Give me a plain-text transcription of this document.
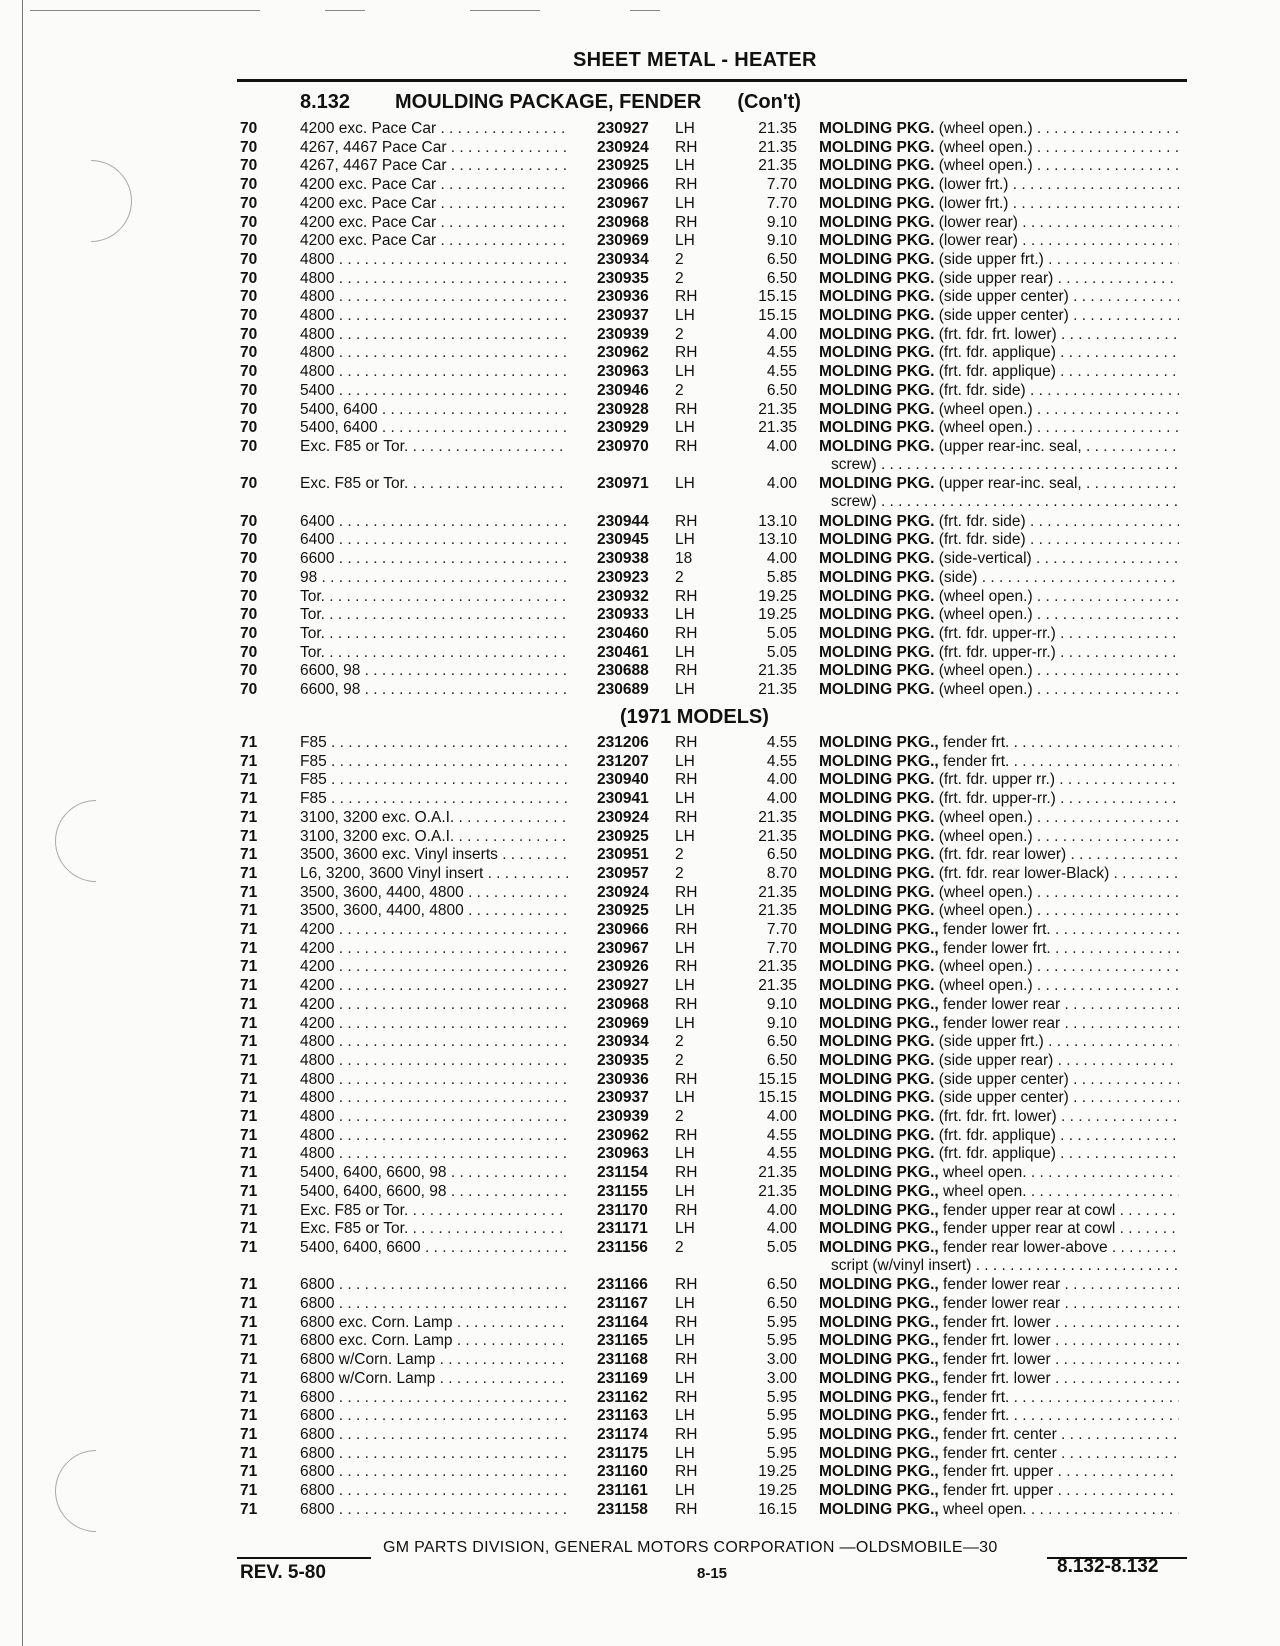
SHEET METAL - HEATER
8.132 MOULDING PACKAGE, FENDER (Con't)
70	4200 exc. Pace Car . . .	230927	LH	21.35 MOLDING PKG. (wheel open.) . . .
70	4267, 4467 Pace Car . . .	230924	RH	21.35 MOLDING PKG. (wheel open.) . . .
70	4267, 4467 Pace Car . . .	230925	LH	21.35 MOLDING PKG. (wheel open.) . . .
70	4200 exc. Pace Car . . .	230966	RH	7.70 MOLDING PKG. (lower frt.) . . .
70	4200 exc. Pace Car . . .	230967	LH	7.70 MOLDING PKG. (lower frt.) . . .
70	4200 exc. Pace Car . . .	230968	RH	9.10 MOLDING PKG. (lower rear) . . .
70	4200 exc. Pace Car . . .	230969	LH	9.10 MOLDING PKG. (lower rear) . . .
70	4800 . . .	230934	2	6.50 MOLDING PKG. (side upper frt.) . . .
70	4800 . . .	230935	2	6.50 MOLDING PKG. (side upper rear) . . .
70	4800 . . .	230936	RH	15.15 MOLDING PKG. (side upper center) . . .
70	4800 . . .	230937	LH	15.15 MOLDING PKG. (side upper center) . . .
70	4800 . . .	230939	2	4.00 MOLDING PKG. (frt. fdr. frt. lower) . . .
70	4800 . . .	230962	RH	4.55 MOLDING PKG. (frt. fdr. applique) . . .
70	4800 . . .	230963	LH	4.55 MOLDING PKG. (frt. fdr. applique) . . .
70	5400 . . .	230946	2	6.50 MOLDING PKG. (frt. fdr. side) . . .
70	5400, 6400 . . .	230928	RH	21.35 MOLDING PKG. (wheel open.) . . .
70	5400, 6400 . . .	230929	LH	21.35 MOLDING PKG. (wheel open.) . . .
70	Exc. F85 or Tor. . . .	230970	RH	4.00 MOLDING PKG. (upper rear-inc. seal, . . .
screw) . . .
70	Exc. F85 or Tor. . . .	230971	LH	4.00 MOLDING PKG. (upper rear-inc. seal, . . .
screw) . . .
70	6400 . . .	230944	RH	13.10 MOLDING PKG. (frt. fdr. side) . . .
70	6400 . . .	230945	LH	13.10 MOLDING PKG. (frt. fdr. side) . . .
70	6600 . . .	230938	18	4.00 MOLDING PKG. (side-vertical) . . .
70	98 . . .	230923	2	5.85 MOLDING PKG. (side) . . .
70	Tor. . . .	230932	RH	19.25 MOLDING PKG. (wheel open.) . . .
70	Tor. . . .	230933	LH	19.25 MOLDING PKG. (wheel open.) . . .
70	Tor. . . .	230460	RH	5.05 MOLDING PKG. (frt. fdr. upper-rr.) . . .
70	Tor. . . .	230461	LH	5.05 MOLDING PKG. (frt. fdr. upper-rr.) . . .
70	6600, 98 . . .	230688	RH	21.35 MOLDING PKG. (wheel open.) . . .
70	6600, 98 . . .	230689	LH	21.35 MOLDING PKG. (wheel open.) . . .
71	F85 . . .	231206	RH	4.55 MOLDING PKG., fender frt. . . .
71	F85 . . .	231207	LH	4.55 MOLDING PKG., fender frt. . . .
71	F85 . . .	230940	RH	4.00 MOLDING PKG. (frt. fdr. upper rr.) . . .
71	F85 . . .	230941	LH	4.00 MOLDING PKG. (frt. fdr. upper-rr.) . . .
71	3100, 3200 exc. O.A.I. . . .	230924	RH	21.35 MOLDING PKG. (wheel open.) . . .
71	3100, 3200 exc. O.A.I. . . .	230925	LH	21.35 MOLDING PKG. (wheel open.) . . .
71	3500, 3600 exc. Vinyl inserts . . .	230951	2	6.50 MOLDING PKG. (frt. fdr. rear lower) . . .
71	L6, 3200, 3600 Vinyl insert . . .	230957	2	8.70 MOLDING PKG. (frt. fdr. rear lower-Black) . . .
71	3500, 3600, 4400, 4800 . . .	230924	RH	21.35 MOLDING PKG. (wheel open.) . . .
71	3500, 3600, 4400, 4800 . . .	230925	LH	21.35 MOLDING PKG. (wheel open.) . . .
71	4200 . . .	230966	RH	7.70 MOLDING PKG., fender lower frt. . . .
71	4200 . . .	230967	LH	7.70 MOLDING PKG., fender lower frt. . . .
71	4200 . . .	230926	RH	21.35 MOLDING PKG. (wheel open.) . . .
71	4200 . . .	230927	LH	21.35 MOLDING PKG. (wheel open.) . . .
71	4200 . . .	230968	RH	9.10 MOLDING PKG., fender lower rear . . .
71	4200 . . .	230969	LH	9.10 MOLDING PKG., fender lower rear . . .
71	4800 . . .	230934	2	6.50 MOLDING PKG. (side upper frt.) . . .
71	4800 . . .	230935	2	6.50 MOLDING PKG. (side upper rear) . . .
71	4800 . . .	230936	RH	15.15 MOLDING PKG. (side upper center) . . .
71	4800 . . .	230937	LH	15.15 MOLDING PKG. (side upper center) . . .
71	4800 . . .	230939	2	4.00 MOLDING PKG. (frt. fdr. frt. lower) . . .
71	4800 . . .	230962	RH	4.55 MOLDING PKG. (frt. fdr. applique) . . .
71	4800 . . .	230963	LH	4.55 MOLDING PKG. (frt. fdr. applique) . . .
71	5400, 6400, 6600, 98 . . .	231154	RH	21.35 MOLDING PKG., wheel open. . . .
71	5400, 6400, 6600, 98 . . .	231155	LH	21.35 MOLDING PKG., wheel open. . . .
71	Exc. F85 or Tor. . . .	231170	RH	4.00 MOLDING PKG., fender upper rear at cowl . . .
71	Exc. F85 or Tor. . . .	231171	LH	4.00 MOLDING PKG., fender upper rear at cowl . . .
71	5400, 6400, 6600 . . .	231156	2	5.05 MOLDING PKG., fender rear lower-above . . .
script (w/vinyl insert) . . .
71	6800 . . .	231166	RH	6.50 MOLDING PKG., fender lower rear . . .
71	6800 . . .	231167	LH	6.50 MOLDING PKG., fender lower rear . . .
71	6800 exc. Corn. Lamp . . .	231164	RH	5.95 MOLDING PKG., fender frt. lower . . .
71	6800 exc. Corn. Lamp . . .	231165	LH	5.95 MOLDING PKG., fender frt. lower . . .
71	6800 w/Corn. Lamp . . .	231168	RH	3.00 MOLDING PKG., fender frt. lower . . .
71	6800 w/Corn. Lamp . . .	231169	LH	3.00 MOLDING PKG., fender frt. lower . . .
71	6800 . . .	231162	RH	5.95 MOLDING PKG., fender frt. . . .
71	6800 . . .	231163	LH	5.95 MOLDING PKG., fender frt. . . .
71	6800 . . .	231174	RH	5.95 MOLDING PKG., fender frt. center . . .
71	6800 . . .	231175	LH	5.95 MOLDING PKG., fender frt. center . . .
71	6800 . . .	231160	RH	19.25 MOLDING PKG., fender frt. upper . . .
71	6800 . . .	231161	LH	19.25 MOLDING PKG., fender frt. upper . . .
71	6800 . . .	231158	RH	16.15 MOLDING PKG., wheel open. . . .
(1971 MODELS)
GM PARTS DIVISION, GENERAL MOTORS CORPORATION —OLDSMOBILE—30
REV. 5-80	8-15	8.132-8.132
